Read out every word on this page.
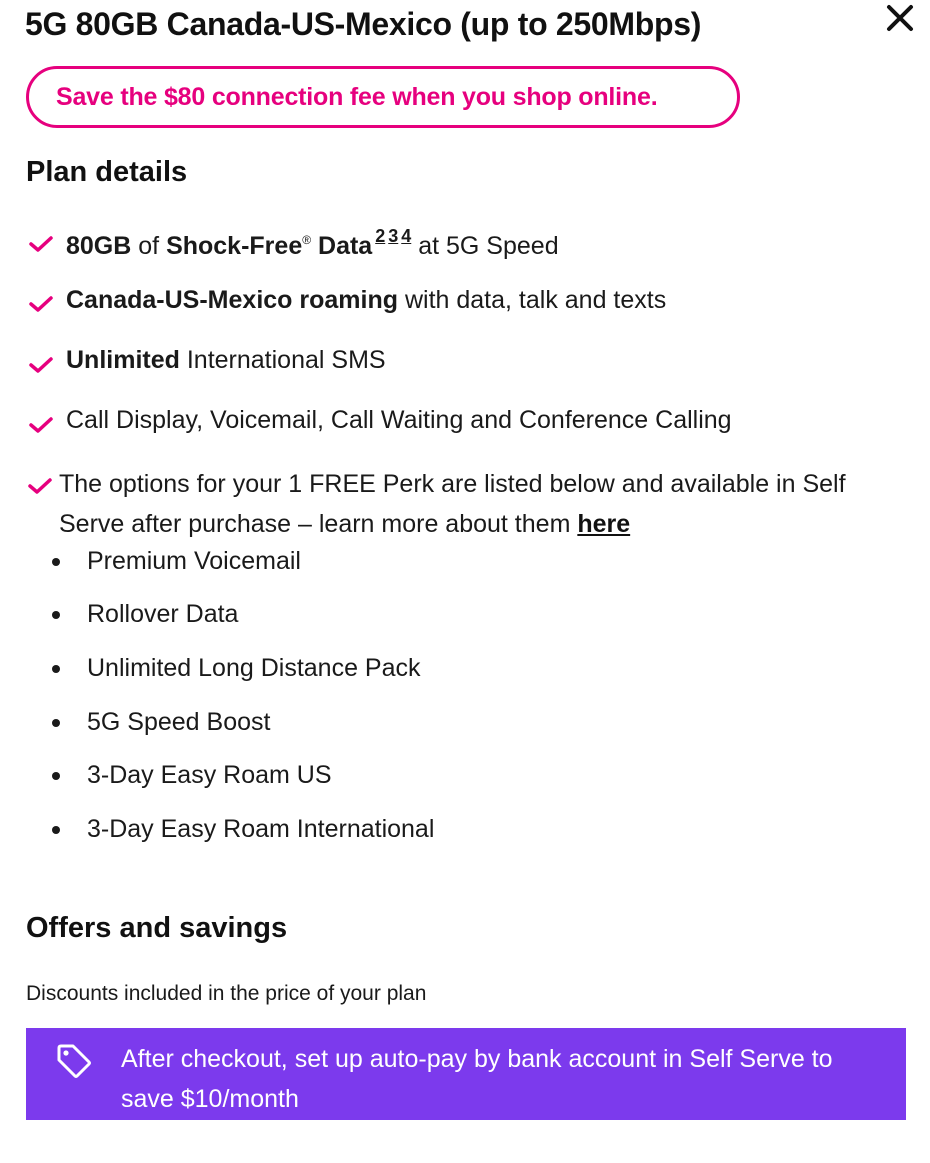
5G 80GB Canada-US-Mexico (up to 250Mbps)
Save the $80 connection fee when you shop online.
Plan details
80GB of Shock-Free® Data $^2$ $^3$ $^4$ at 5G Speed
Canada-US-Mexico roaming with data, talk and texts
Unlimited International SMS
Call Display, Voicemail, Call Waiting and Conference Calling
The options for your 1 FREE Perk are listed below and available in Self Serve after purchase – learn more about them here
Premium Voicemail
Rollover Data
Unlimited Long Distance Pack
5G Speed Boost
3-Day Easy Roam US
3-Day Easy Roam International
Offers and savings
Discounts included in the price of your plan
After checkout, set up auto-pay by bank account in Self Serve to save $10/month
